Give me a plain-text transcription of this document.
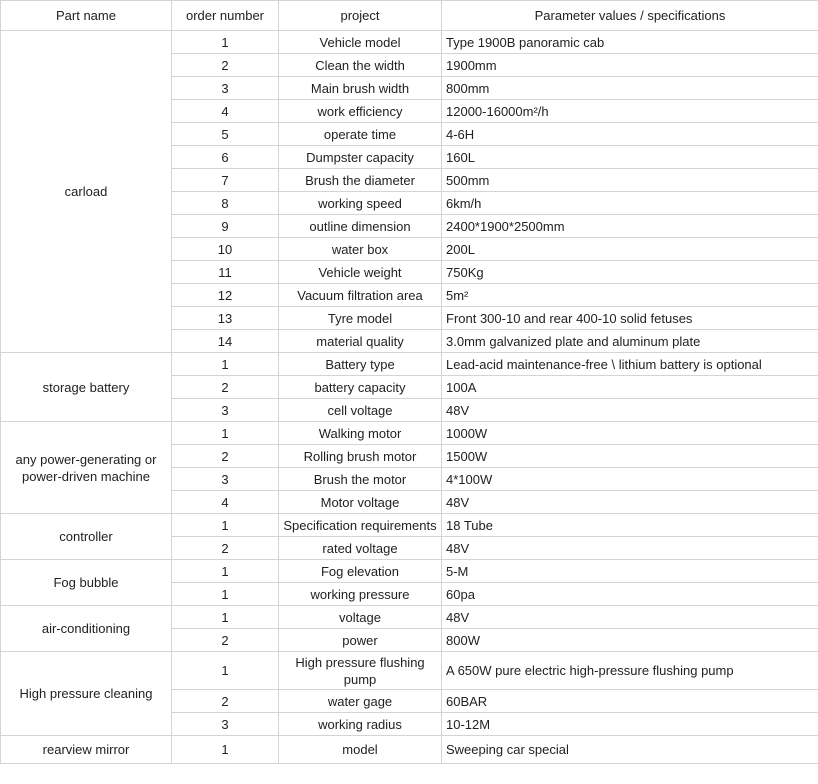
Part name	order number	project	Parameter values / specifications
carload	1	Vehicle model	Type 1900B panoramic cab
	2	Clean the width	1900mm
	3	Main brush width	800mm
	4	work efficiency	12000-16000m²/h
	5	operate time	4-6H
	6	Dumpster capacity	160L
	7	Brush the diameter	500mm
	8	working speed	6km/h
	9	outline dimension	2400*1900*2500mm
	10	water box	200L
	11	Vehicle weight	750Kg
	12	Vacuum filtration area	5m²
	13	Tyre model	Front 300-10 and rear 400-10 solid fetuses
	14	material quality	3.0mm galvanized plate and aluminum plate
storage battery	1	Battery type	Lead-acid maintenance-free \ lithium battery is optional
	2	battery capacity	100A
	3	cell voltage	48V
any power-generating or power-driven machine	1	Walking motor	1000W
	2	Rolling brush motor	1500W
	3	Brush the motor	4*100W
	4	Motor voltage	48V
controller	1	Specification requirements	18 Tube
	2	rated voltage	48V
Fog bubble	1	Fog elevation	5-M
	1	working pressure	60pa
air-conditioning	1	voltage	48V
	2	power	800W
High pressure cleaning	1	High pressure flushing pump	A 650W pure electric high-pressure flushing pump
	2	water gage	60BAR
	3	working radius	10-12M
rearview mirror	1	model	Sweeping car special
